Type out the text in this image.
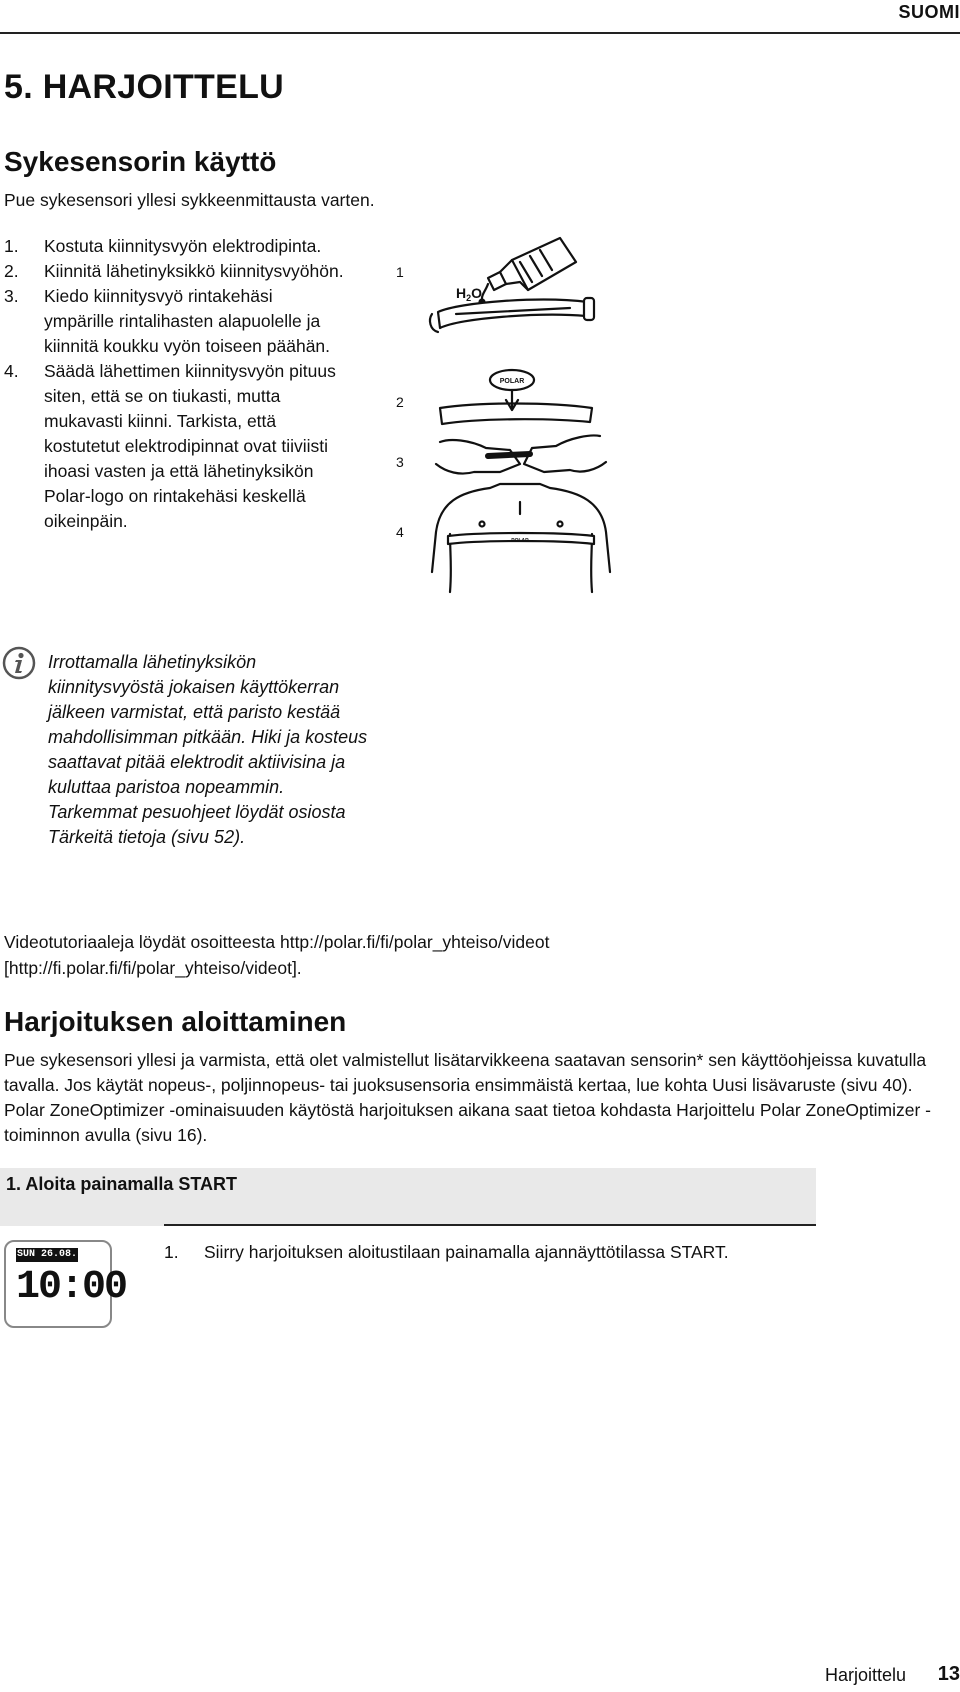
SUOMI
5. HARJOITTELU
Sykesensorin käyttö
Pue sykesensori yllesi sykkeenmittausta varten.
1. Kostuta kiinnitysvyön elektrodipinta.
2. Kiinnitä lähetinyksikkö kiinnitysvyöhön.
3. Kiedo kiinnitysvyö rintakehäsi ympärille rintalihasten alapuolelle ja kiinnitä koukku vyön toiseen päähän.
4. Säädä lähettimen kiinnitysvyön pituus siten, että se on tiukasti, mutta mukavasti kiinni. Tarkista, että kostutetut elektrodipinnat ovat tiiviisti ihoasi vasten ja että lähetinyksikön Polar-logo on rintakehäsi keskellä oikeinpäin.
1
2
3
4
$H_2O$
POLAR
POLAR
Irrottamalla lähetinyksikön kiinnitysvyöstä jokaisen käyttökerran jälkeen varmistat, että paristo kestää mahdollisimman pitkään. Hiki ja kosteus saattavat pitää elektrodit aktiivisina ja kuluttaa paristoa nopeammin. Tarkemmat pesuohjeet löydät osiosta Tärkeitä tietoja (sivu 52).
Videotutoriaaleja löydät osoitteesta http://polar.fi/fi/polar_yhteiso/videot
[http://fi.polar.fi/fi/polar_yhteiso/videot].
Harjoituksen aloittaminen
Pue sykesensori yllesi ja varmista, että olet valmistellut lisätarvikkeena saatavan sensorin* sen käyttöohjeissa kuvatulla tavalla. Jos käytät nopeus-, poljinnopeus- tai juoksusensoria ensimmäistä kertaa, lue kohta Uusi lisävaruste (sivu 40). Polar ZoneOptimizer -ominaisuuden käytöstä harjoituksen aikana saat tietoa kohdasta Harjoittelu Polar ZoneOptimizer -toiminnon avulla (sivu 16).
1. Aloita painamalla START
SUN 26.08.
10:00
1. Siirry harjoituksen aloitustilaan painamalla ajannäyttötilassa START.
Harjoittelu 13
